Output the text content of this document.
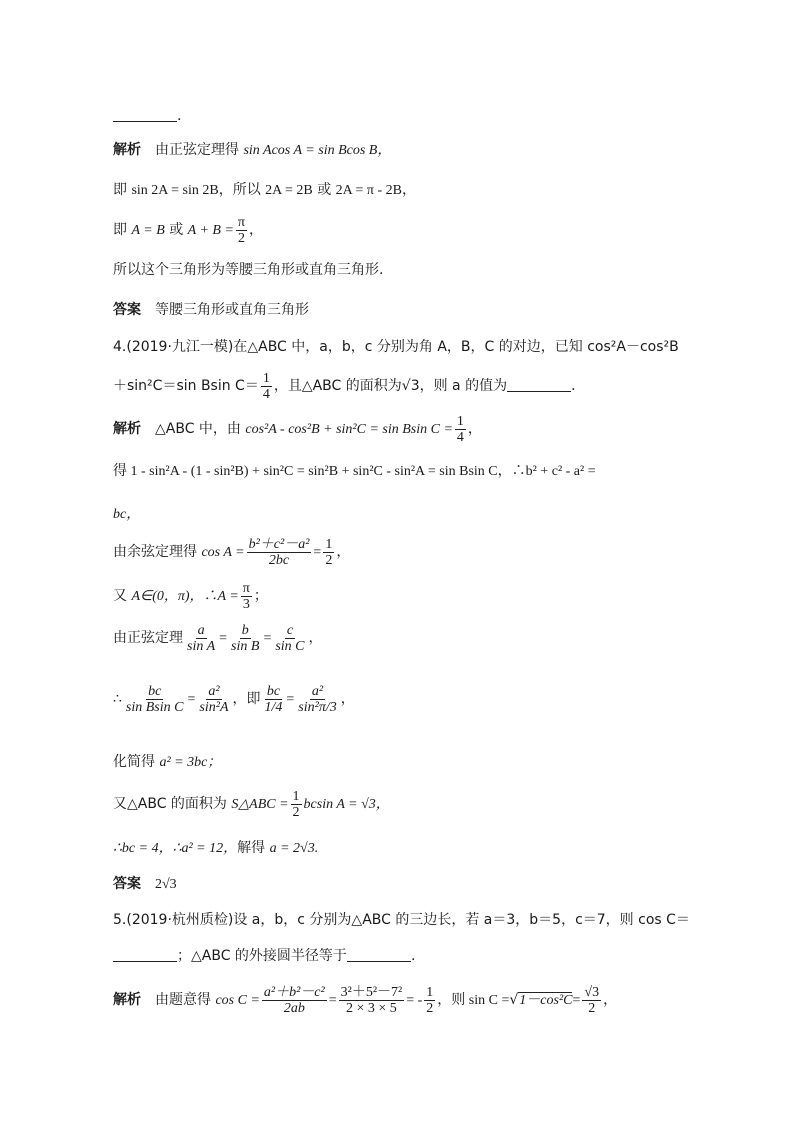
.
解析 由正弦定理得 sin Acos A = sin Bcos B，
即 sin 2A = sin 2B，所以 2A = 2B 或 2A = π - 2B，
即 A = B 或 $A + B = \frac{\pi}{2}$ ，
所以这个三角形为等腰三角形或直角三角形.
答案 等腰三角形或直角三角形
4.(2019·九江一模)在△ABC 中，a，b，c 分别为角 A，B，C 的对边，已知 cos²A－cos²B
＋sin²C＝sin Bsin $C= \frac{1}{4}$ ，且△ABC 的面积为√3，则 a 的值为	.
解析 △ABC 中，由 cos²A - cos²B + sin²C = sin Bsin $C = \frac{1}{4}$ ，
得 1 - sin²A - (1 - sin²B) + sin²C = sin²B + sin²C - sin²A = sin Bsin C，∴b² + c² - a² =
bc，
由余弦定理得 $\cos A = \frac{\text{b²＋c²－a²}}{2bc} = \frac{1}{2}$ ，
又 A∈(0，π)，∴A = $\frac{\pi}{3}$ ；
由正弦定理 $\frac{a}{\text{sin A}} = \frac{b}{\text{sin B}} = \frac{c}{\text{sin C}}$ ，
∴ $\frac{bc}{\text{sin Bsin C}} = \frac{\text{a²}}{\text{sin²A}}$ ，即 $\frac{bc}{1/4} = \frac{\text{a²}}{\text{sin²π/3}}$ ，
化简得 a² = 3bc；
又△ABC 的面积为 S△ABC = $\frac{1}{2}$ bcsin A = √3，
∴bc = 4，∴a² = 12，解得 a = 2√3.
答案 2√3
5.(2019·杭州质检)设 a，b，c 分别为△ABC 的三边长，若 a＝3，b＝5，c＝7，则 cos C＝
；△ABC 的外接圆半径等于	.
解析 由题意得 $\cos C = \frac{\text{a²＋b²－c²}}{2ab} = \frac{\text{3²＋5²－7²}}{2 \times 3 \times 5}$ = - $\frac{1}{2}$ ，则 $\sin C =√1-\cos^2C= \frac{√3}{2}$ ，
